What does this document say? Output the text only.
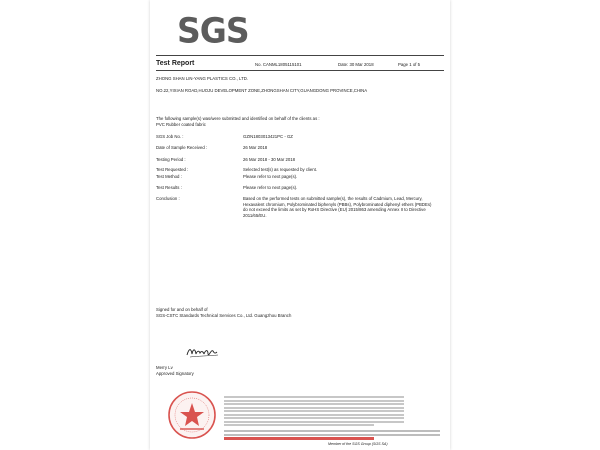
SGS
Test Report	No. CANML1805115101	Date: 30 Mar 2018	Page 1 of 5
ZHONG SHAN LIN-YANG PLASTICS CO., LTD.
NO.22,YIXIAN ROAD,HUOJU DEVELOPMENT ZONE,ZHONGSHAN CITY,GUANGDONG PROVINCE,CHINA
The following sample(s) was/were submitted and identified on behalf of the clients as :
PVC Rubber coated fabric
SGS Job No. :	GZIN1803013421PC - GZ
Date of Sample Received :	26 Mar 2018
Testing Period :	26 Mar 2018 - 30 Mar 2018
Test Requested :	Selected test(s) as requested by client.
Test Method :	Please refer to next page(s).
Test Results :	Please refer to next page(s).
Conclusion :	Based on the performed tests on submitted sample(s), the results of Cadmium, Lead, Mercury, Hexavalent chromium, Polybrominated biphenyls (PBBs), Polybrominated diphenyl ethers (PBDEs) do not exceed the limits as set by RoHS Directive (EU) 2015/863 amending Annex II to Directive 2011/65/EU.
Signed for and on behalf of
SGS-CSTC Standards Technical Services Co., Ltd. Guangzhou Branch
Merry Lv
Approved Signatory
Member of the SGS Group (SGS SA)
